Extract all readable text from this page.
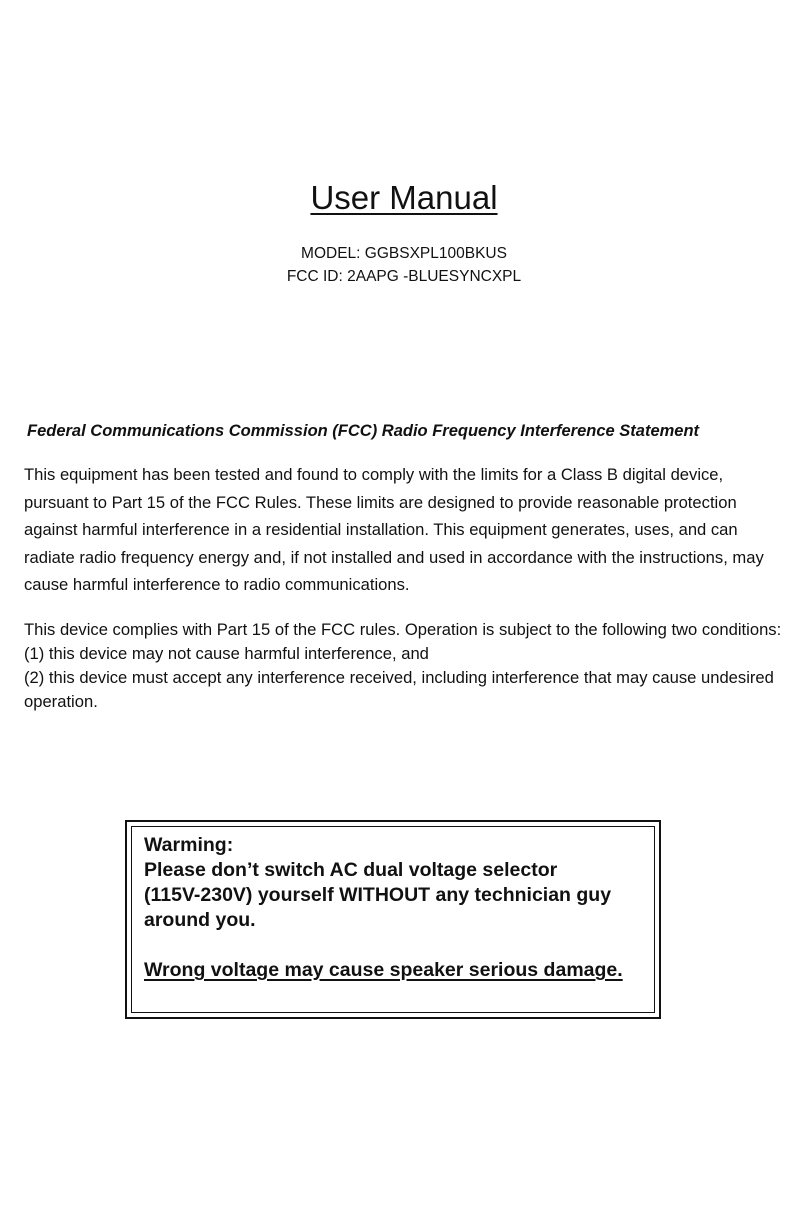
User Manual
MODEL: GGBSXPL100BKUS
FCC ID: 2AAPG -BLUESYNCXPL
Federal Communications Commission (FCC) Radio Frequency Interference Statement
This equipment has been tested and found to comply with the limits for a Class B digital device, pursuant to Part 15 of the FCC Rules. These limits are designed to provide reasonable protection against harmful interference in a residential installation. This equipment generates, uses, and can radiate radio frequency energy and, if not installed and used in accordance with the instructions, may cause harmful interference to radio communications.
This device complies with Part 15 of the FCC rules. Operation is subject to the following two conditions:
(1) this device may not cause harmful interference, and
(2) this device must accept any interference received, including interference that may cause undesired operation.
Warming:
Please don’t switch AC dual voltage selector
(115V-230V) yourself WITHOUT any technician guy
around you.
Wrong voltage may cause speaker serious damage.
